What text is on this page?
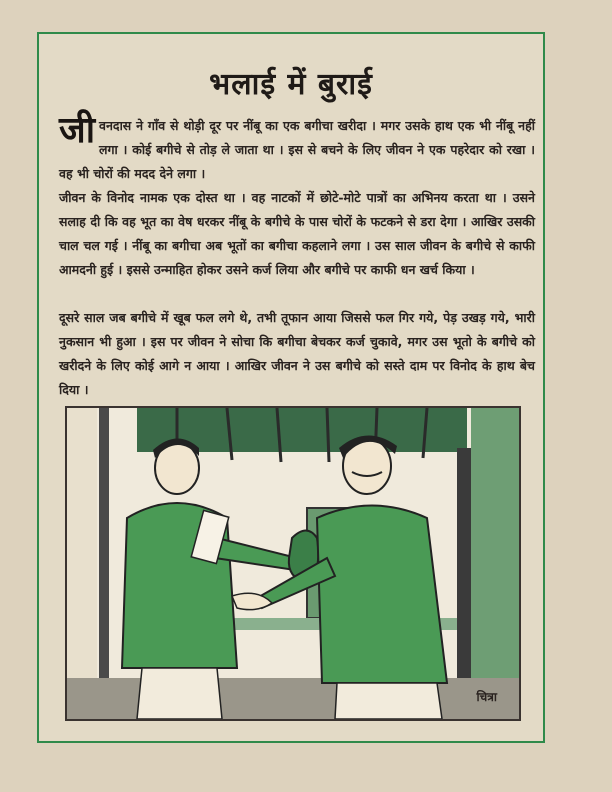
भलाई में बुराई

जीवनदास ने गाँव से थोड़ी दूर पर नींबू का एक बगीचा खरीदा । मगर उसके हाथ एक भी नींबू नहीं लगा । कोई बगीचे से तोड़ ले जाता था । इस से बचने के लिए जीवन ने एक पहरेदार को रखा । वह भी चोरों की मदद देने लगा ।

जीवन के विनोद नामक एक दोस्त था । वह नाटकों में छोटे-मोटे पात्रों का अभिनय करता था । उसने सलाह दी कि वह भूत का वेष धरकर नींबू के बगीचे के पास चोरों के फटकने से डरा देगा । आखिर उसकी चाल चल गई । नींबू का बगीचा अब भूतों का बगीचा कहलाने लगा । उस साल जीवन के बगीचे से काफी आमदनी हुई । इससे उन्माहित होकर उसने कर्ज लिया और बगीचे पर काफी धन खर्च किया ।

दूसरे साल जब बगीचे में खूब फल लगे थे, तभी तूफान आया जिससे फल गिर गये, पेड़ उखड़ गये, भारी नुकसान भी हुआ । इस पर जीवन ने सोचा कि बगीचा बेचकर कर्ज चुकावे, मगर उस भूतो के बगीचे को खरीदने के लिए कोई आगे न आया । आखिर जीवन ने उस बगीचे को सस्ते दाम पर विनोद के हाथ बेच दिया ।

चित्रा
